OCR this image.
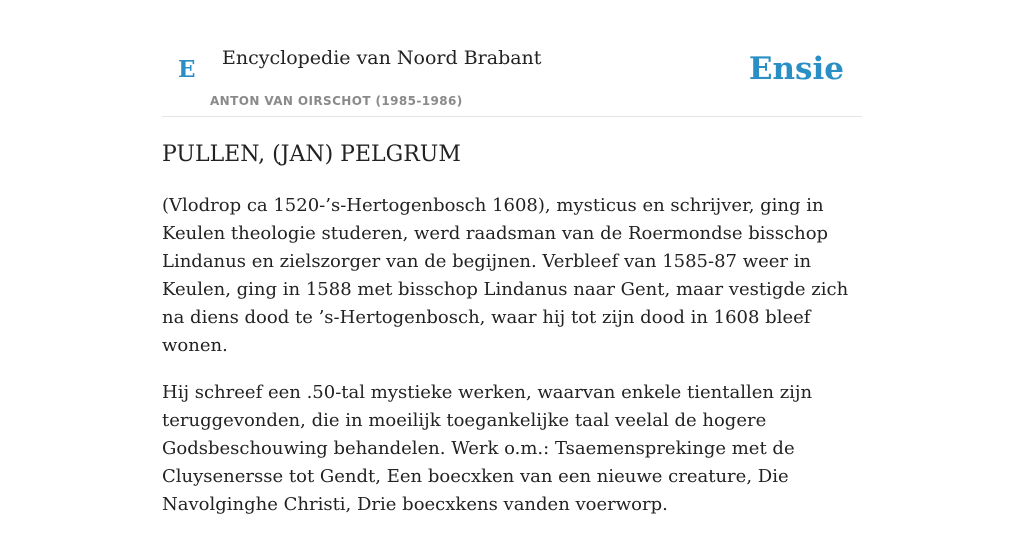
E Encyclopedie van Noord Brabant
ANTON VAN OIRSCHOT (1985-1986)
Ensie
PULLEN, (JAN) PELGRUM

(Vlodrop ca 1520-’s-Hertogenbosch 1608), mysticus en schrijver, ging in Keulen theologie studeren, werd raadsman van de Roermondse bisschop Lindanus en zielszorger van de begijnen. Verbleef van 1585-87 weer in Keulen, ging in 1588 met bisschop Lindanus naar Gent, maar vestigde zich na diens dood te ’s-Hertogenbosch, waar hij tot zijn dood in 1608 bleef wonen.

Hij schreef een .50-tal mystieke werken, waarvan enkele tientallen zijn teruggevonden, die in moeilijk toegankelijke taal veelal de hogere Godsbeschouwing behandelen. Werk o.m.: Tsaemensprekinge met de Cluysenersse tot Gendt, Een boecxken van een nieuwe creature, Die Navolginghe Christi, Drie boecxkens vanden voerworp.
